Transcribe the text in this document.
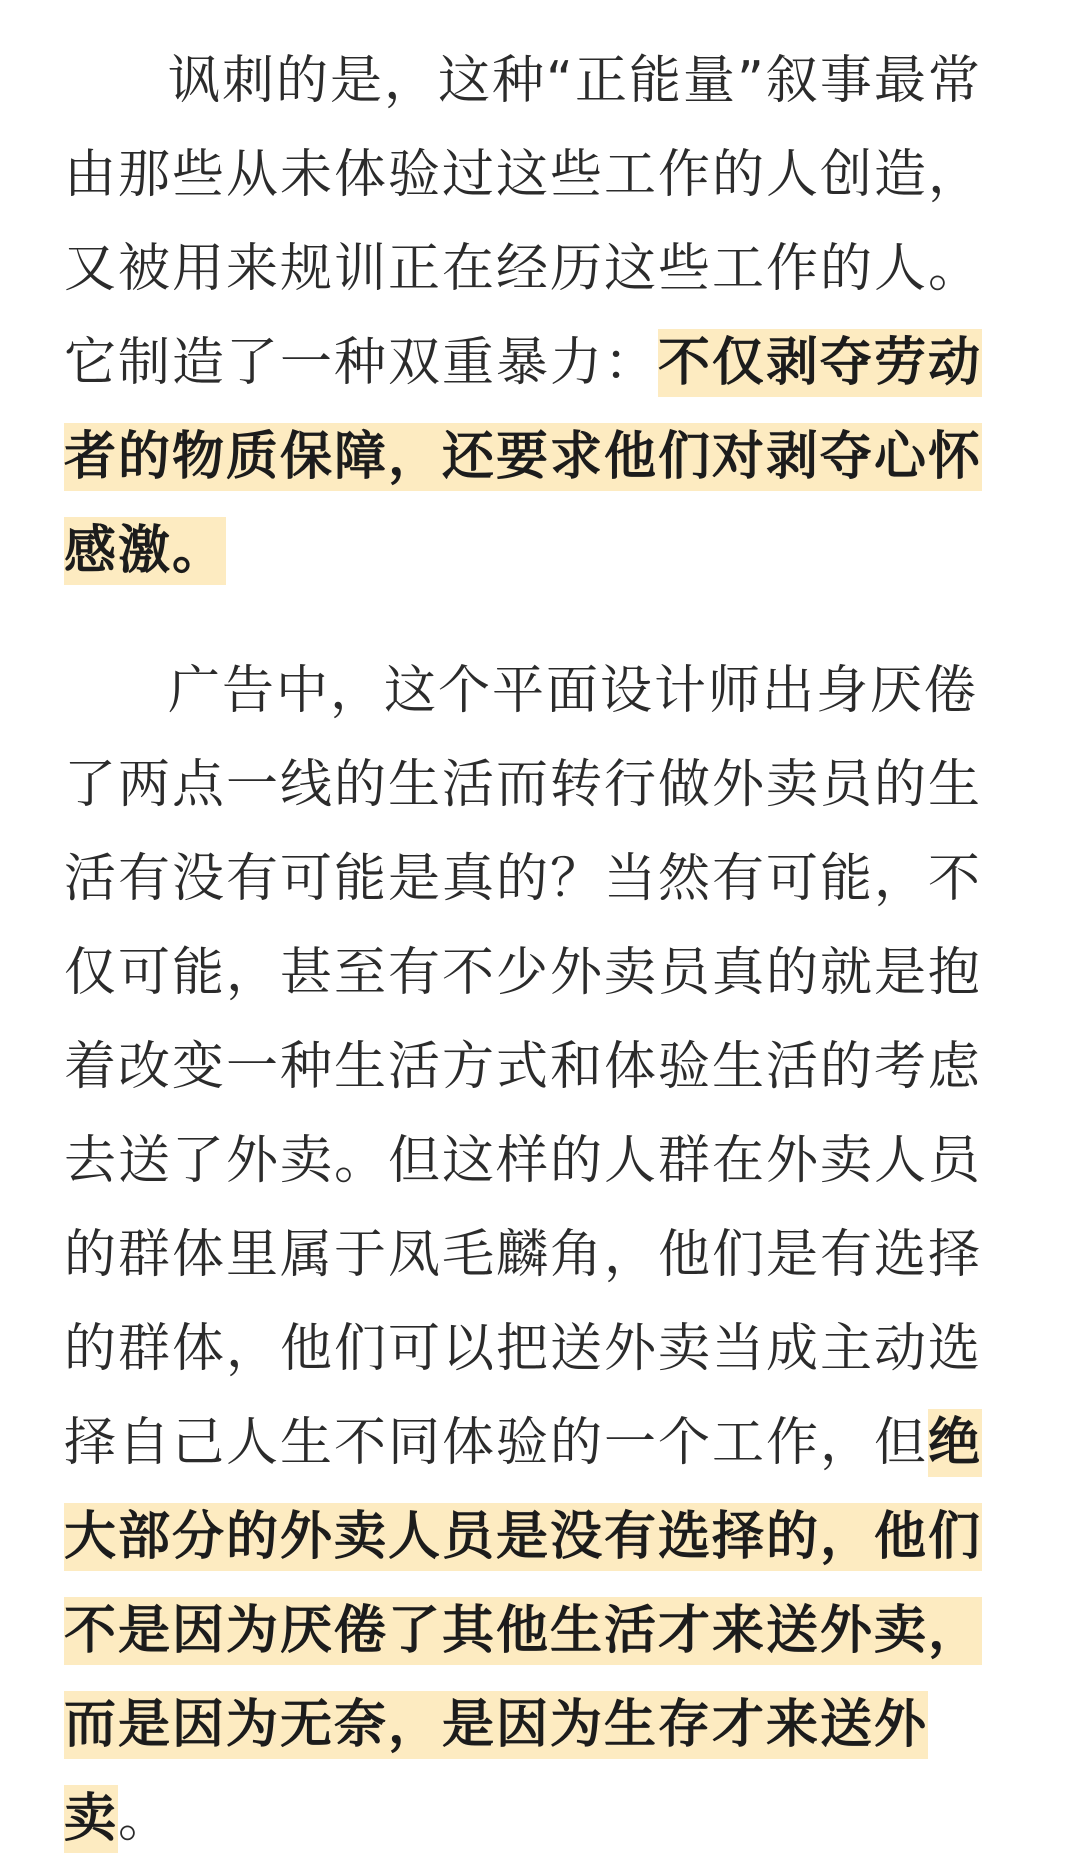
讽刺的是，这种“正能量”叙事最常由那些从未体验过这些工作的人创造，又被用来规训正在经历这些工作的人。它制造了一种双重暴力：不仅剥夺劳动者的物质保障，还要求他们对剥夺心怀感激。

广告中，这个平面设计师出身厌倦了两点一线的生活而转行做外卖员的生活有没有可能是真的？当然有可能，不仅可能，甚至有不少外卖员真的就是抱着改变一种生活方式和体验生活的考虑去送了外卖。但这样的人群在外卖人员的群体里属于凤毛麟角，他们是有选择的群体，他们可以把送外卖当成主动选择自己人生不同体验的一个工作，但绝大部分的外卖人员是没有选择的，他们不是因为厌倦了其他生活才来送外卖，而是因为无奈，是因为生存才来送外卖。
